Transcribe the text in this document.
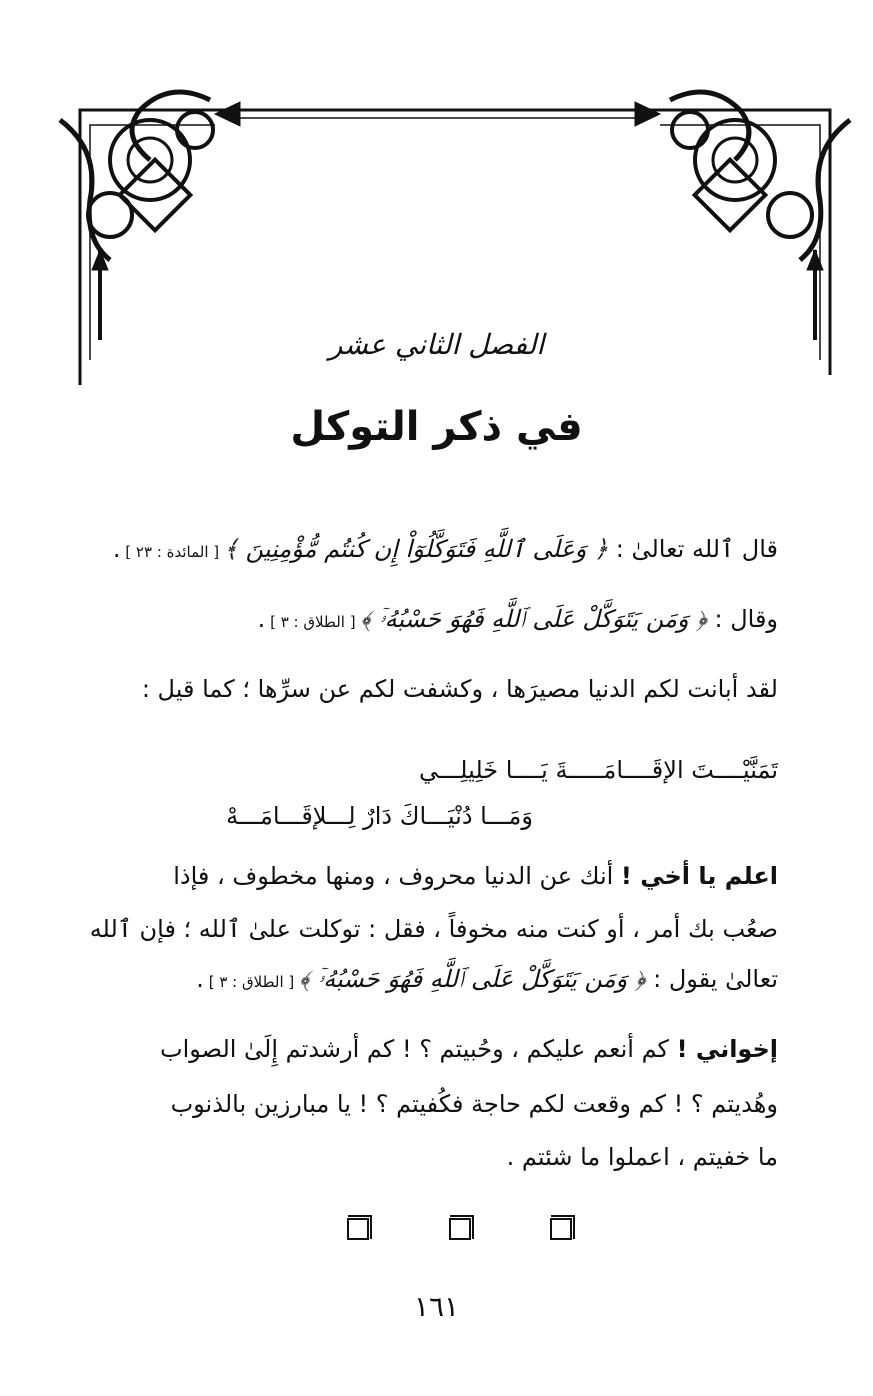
الفصل الثاني عشر
في ذكر التوكل
قال ٱلله تعالىٰ : ﴿ وَعَلَى ٱللَّهِ فَتَوَكَّلُوٓاْ إِن كُنتُم مُّؤْمِنِينَ ﴾ [ المائدة : ٢٣ ] .
وقال : ﴿ وَمَن يَتَوَكَّلْ عَلَى ٱللَّهِ فَهُوَ حَسْبُهُۥٓ ﴾ [ الطلاق : ٣ ] .
لقد أبانت لكم الدنيا مصيرَها ، وكشفت لكم عن سرِّها ؛ كما قيل :
تَمَنَّيْــــتَ الإقَــــامَـــــةَ يَــــا خَلِيلِـــي
وَمَـــا دُنْيَـــاكَ دَارٌ لِـــلإقَـــامَـــهْ
اعلم يا أخي ! أنك عن الدنيا محروف ، ومنها مخطوف ، فإذا
صعُب بك أمر ، أو كنت منه مخوفاً ، فقل : توكلت علىٰ ٱلله ؛ فإن ٱلله
تعالىٰ يقول : ﴿ وَمَن يَتَوَكَّلْ عَلَى ٱللَّهِ فَهُوَ حَسْبُهُۥٓ ﴾ [ الطلاق : ٣ ] .
إخواني ! كم أنعم عليكم ، وحُبيتم ؟ ! كم أرشدتم إِلَىٰ الصواب
وهُديتم ؟ ! كم وقعت لكم حاجة فكُفيتم ؟ ! يا مبارزين بالذنوب
ما خفيتم ، اعملوا ما شئتم .
١٦١
